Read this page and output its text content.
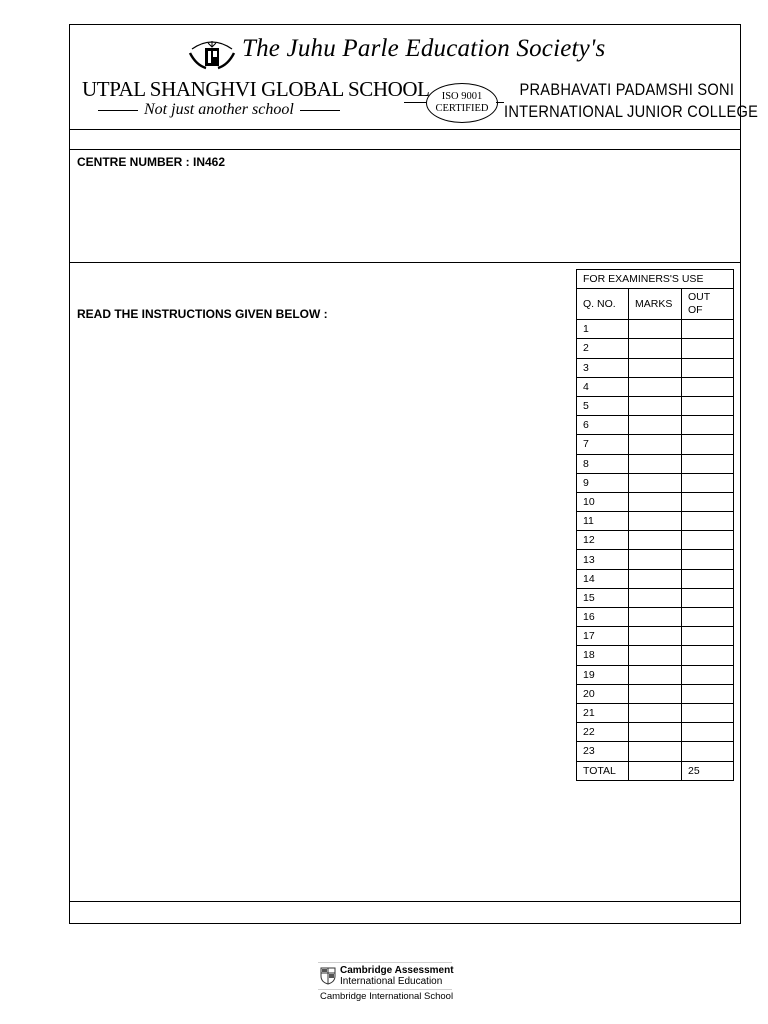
The Juhu Parle Education Society's
UTPAL SHANGHVI GLOBAL SCHOOL
Not just another school
ISO 9001
CERTIFIED
PRABHAVATI PADAMSHI SONI
INTERNATIONAL JUNIOR COLLEGE
CENTRE NUMBER : IN462
READ THE INSTRUCTIONS GIVEN BELOW :
FOR EXAMINERS'S USE		
Q. NO.	MARKS	OUT OF
1		
2		
3		
4		
5		
6		
7		
8		
9		
10		
11		
12		
13		
14		
15		
16		
17		
18		
19		
20		
21		
22		
23		
TOTAL		25
Cambridge Assessment
International Education
Cambridge International School
